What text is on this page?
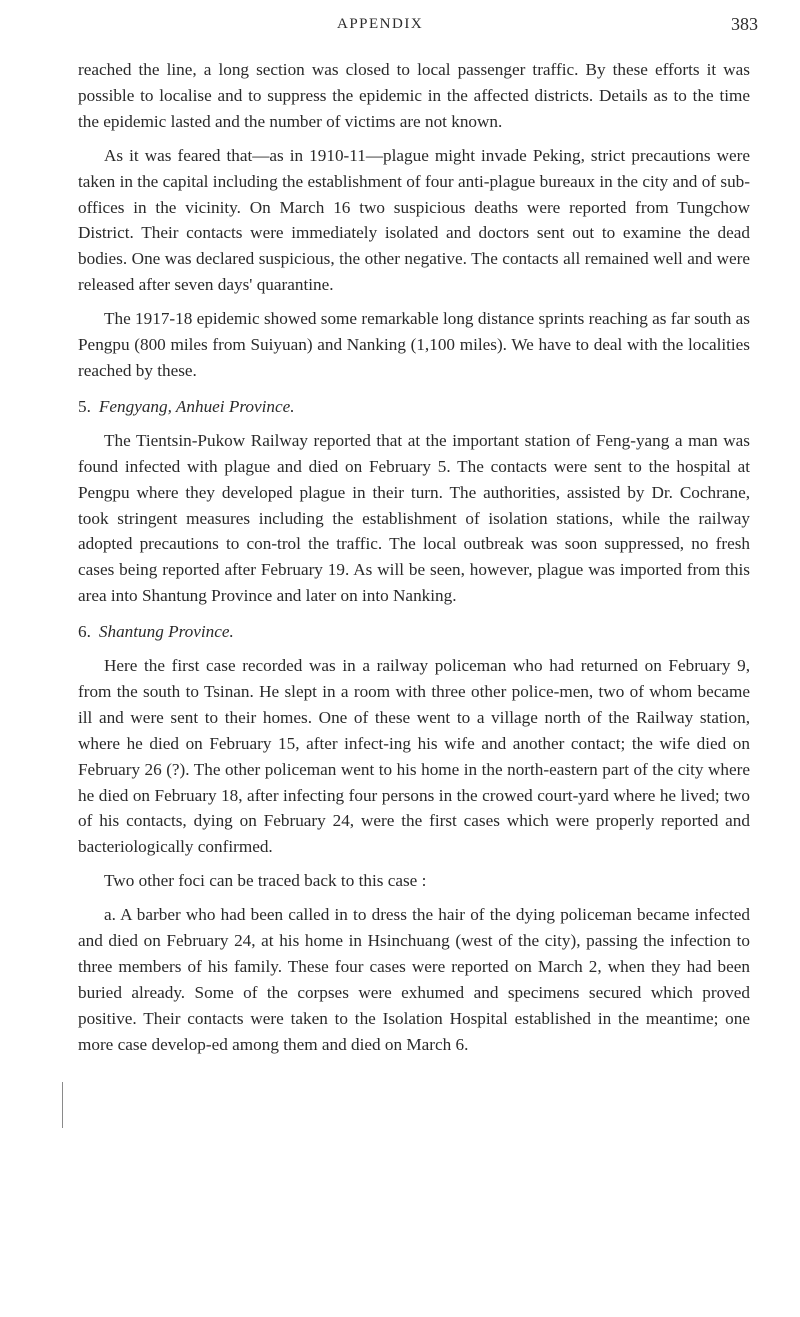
APPENDIX	383

reached the line, a long section was closed to local passenger traffic. By these efforts it was possible to localise and to suppress the epidemic in the affected districts. Details as to the time the epidemic lasted and the number of victims are not known.

As it was feared that—as in 1910-11—plague might invade Peking, strict precautions were taken in the capital including the establishment of four anti-plague bureaux in the city and of sub-offices in the vicinity. On March 16 two suspicious deaths were reported from Tungchow District. Their contacts were immediately isolated and doctors sent out to examine the dead bodies. One was declared suspicious, the other negative. The contacts all remained well and were released after seven days' quarantine.

The 1917-18 epidemic showed some remarkable long distance sprints reaching as far south as Pengpu (800 miles from Suiyuan) and Nanking (1,100 miles). We have to deal with the localities reached by these.

5. Fengyang, Anhuei Province.

The Tientsin-Pukow Railway reported that at the important station of Feng-yang a man was found infected with plague and died on February 5. The contacts were sent to the hospital at Pengpu where they developed plague in their turn. The authorities, assisted by Dr. Cochrane, took stringent measures including the establishment of isolation stations, while the railway adopted precautions to con-trol the traffic. The local outbreak was soon suppressed, no fresh cases being reported after February 19. As will be seen, however, plague was imported from this area into Shantung Province and later on into Nanking.

6. Shantung Province.

Here the first case recorded was in a railway policeman who had returned on February 9, from the south to Tsinan. He slept in a room with three other police-men, two of whom became ill and were sent to their homes. One of these went to a village north of the Railway station, where he died on February 15, after infect-ing his wife and another contact; the wife died on February 26 (?). The other policeman went to his home in the north-eastern part of the city where he died on February 18, after infecting four persons in the crowed court-yard where he lived; two of his contacts, dying on February 24, were the first cases which were properly reported and bacteriologically confirmed.

Two other foci can be traced back to this case :

a. A barber who had been called in to dress the hair of the dying policeman became infected and died on February 24, at his home in Hsinchuang (west of the city), passing the infection to three members of his family. These four cases were reported on March 2, when they had been buried already. Some of the corpses were exhumed and specimens secured which proved positive. Their contacts were taken to the Isolation Hospital established in the meantime; one more case develop-ed among them and died on March 6.
